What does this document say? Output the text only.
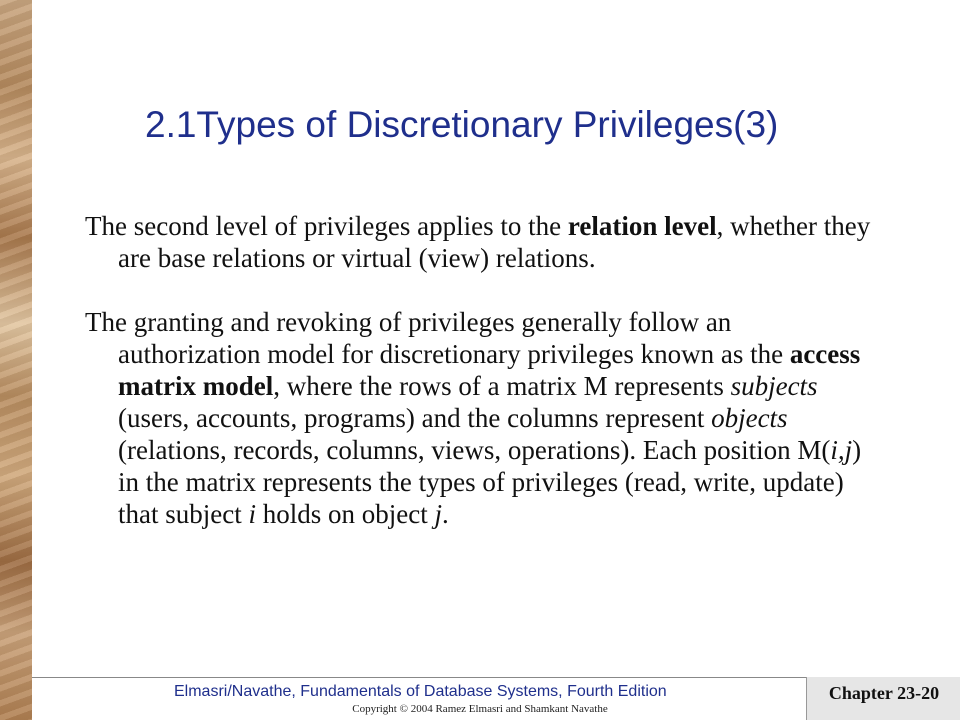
2.1Types of Discretionary Privileges(3)

The second level of privileges applies to the relation level, whether they are base relations or virtual (view) relations.

The granting and revoking of privileges generally follow an authorization model for discretionary privileges known as the access matrix model, where the rows of a matrix M represents subjects (users, accounts, programs) and the columns represent objects (relations, records, columns, views, operations). Each position M(i,j) in the matrix represents the types of privileges (read, write, update) that subject i holds on object j.

Elmasri/Navathe, Fundamentals of Database Systems, Fourth Edition
Copyright © 2004 Ramez Elmasri and Shamkant Navathe
Chapter 23-20
